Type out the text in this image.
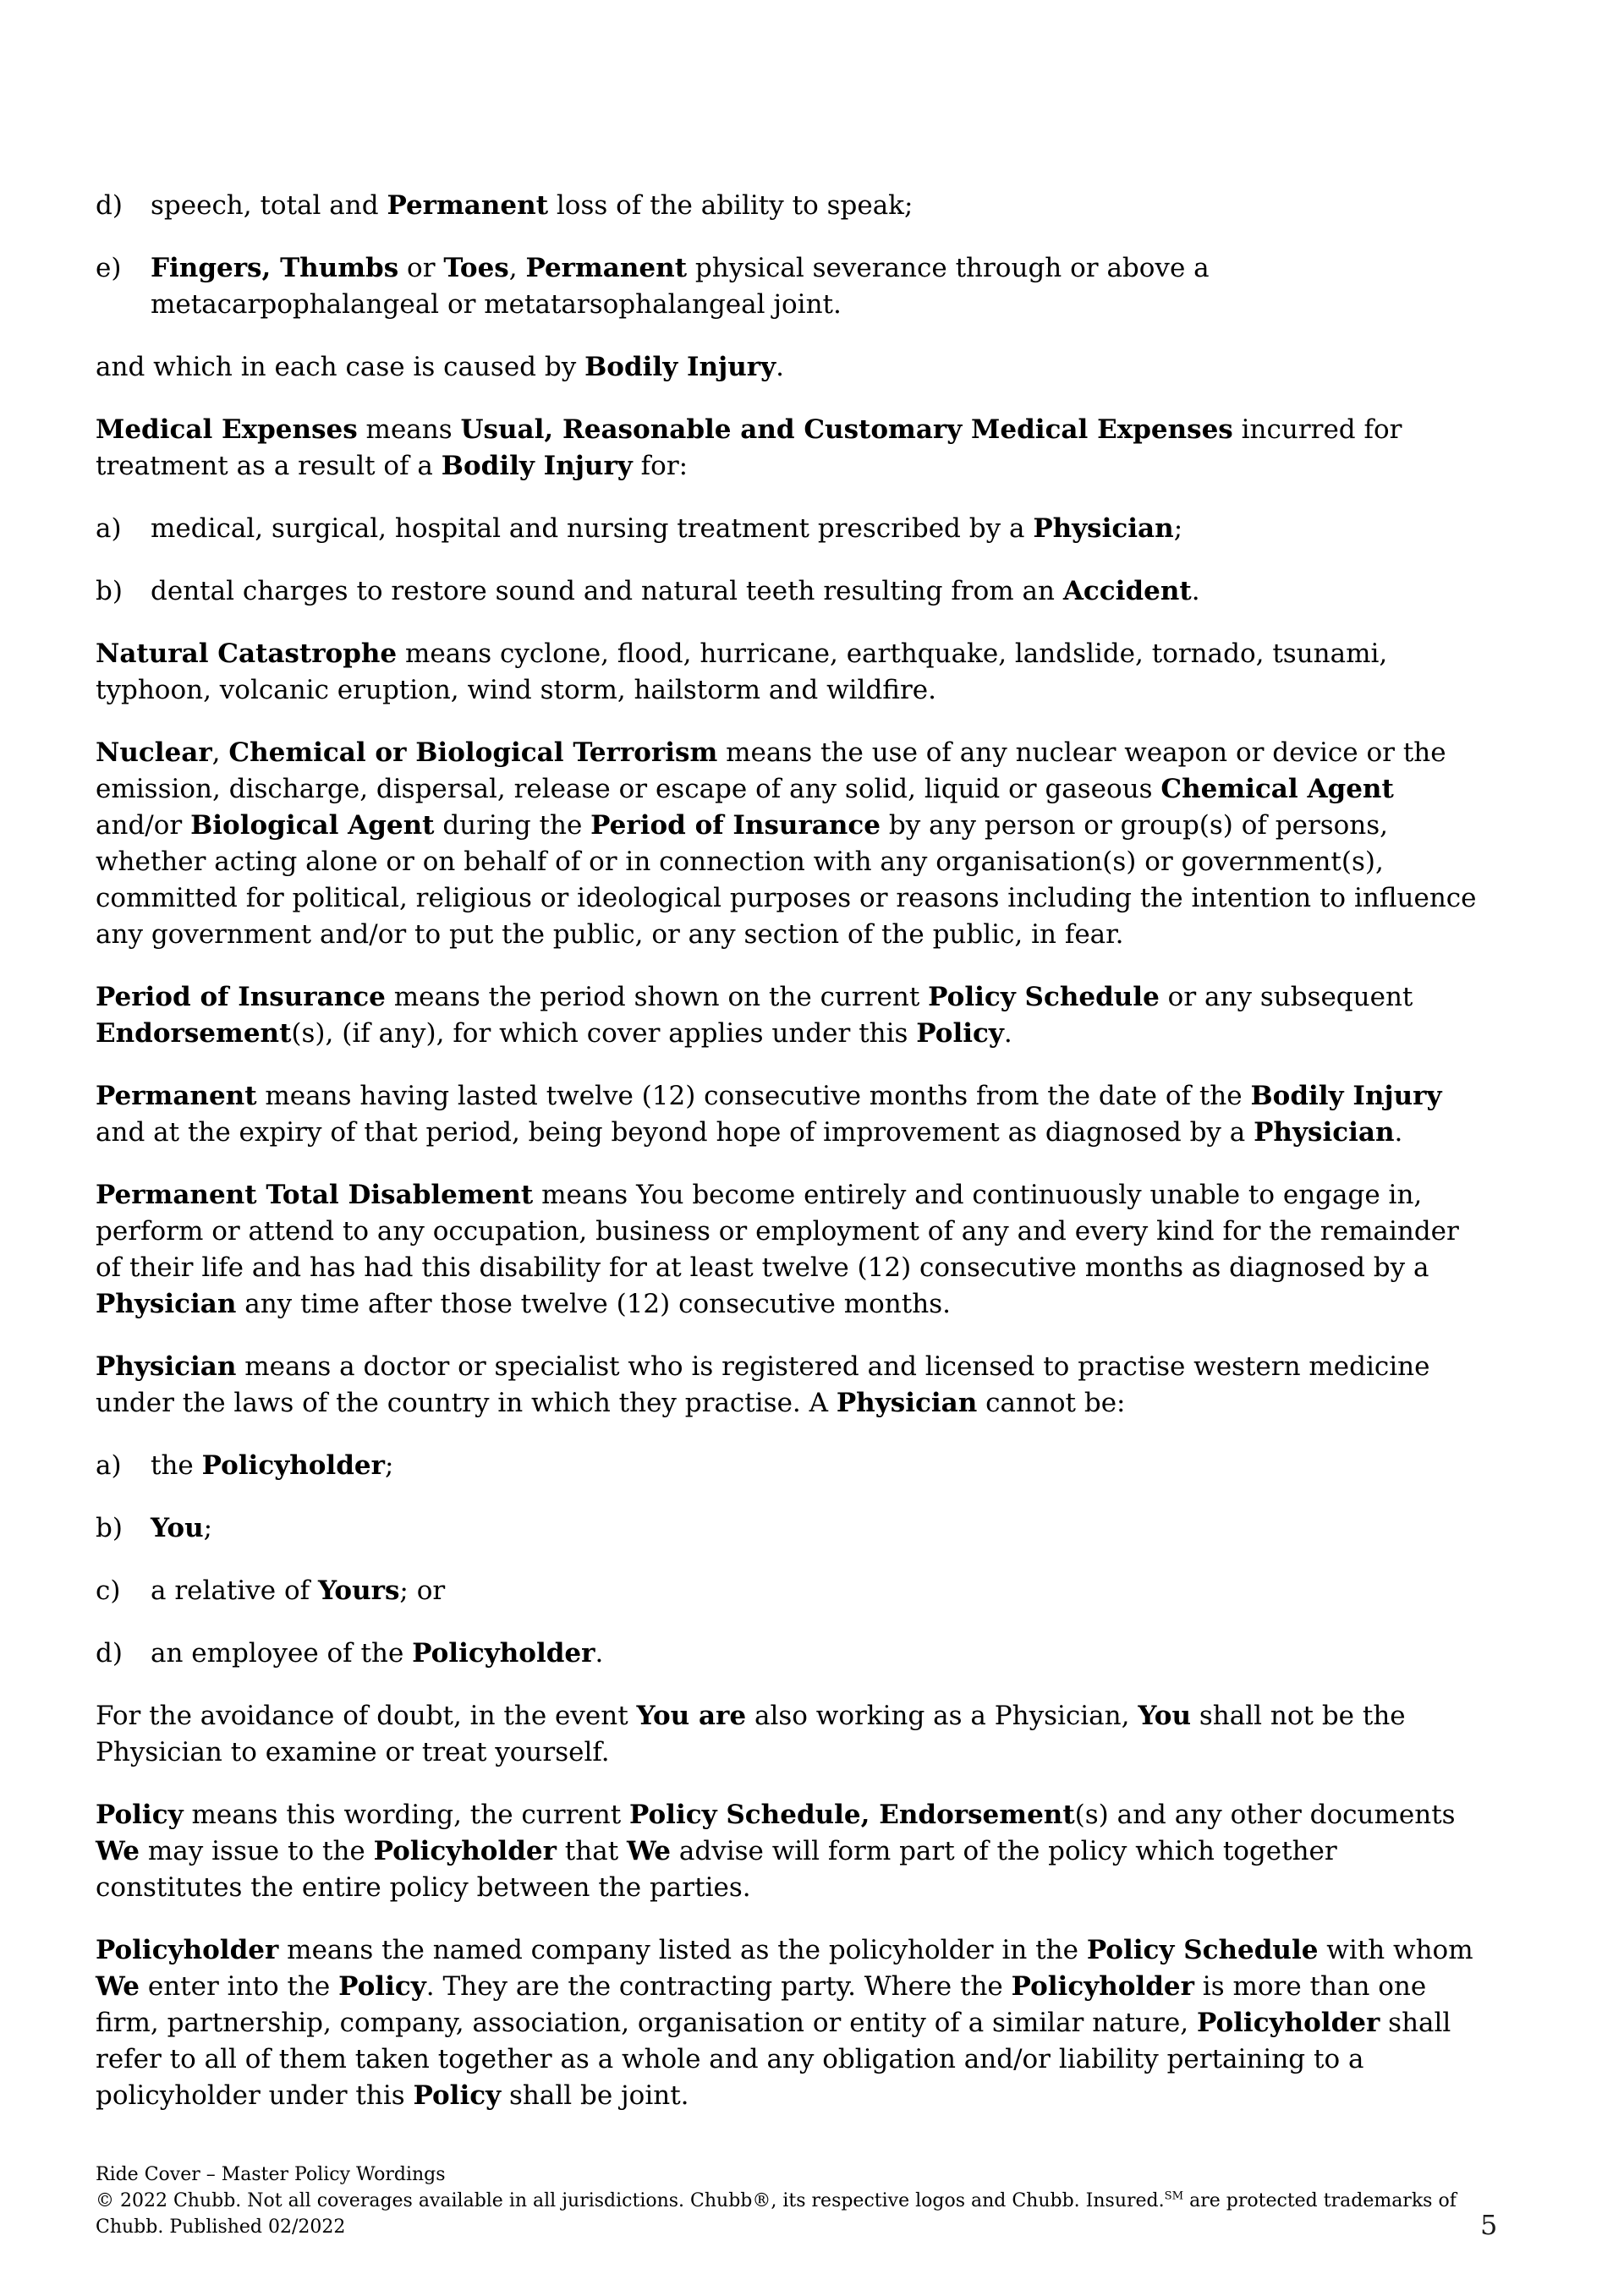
d) speech, total and Permanent loss of the ability to speak;
e) Fingers, Thumbs or Toes, Permanent physical severance through or above a metacarpophalangeal or metatarsophalangeal joint.
and which in each case is caused by Bodily Injury.
Medical Expenses means Usual, Reasonable and Customary Medical Expenses incurred for treatment as a result of a Bodily Injury for:
a) medical, surgical, hospital and nursing treatment prescribed by a Physician;
b) dental charges to restore sound and natural teeth resulting from an Accident.
Natural Catastrophe means cyclone, flood, hurricane, earthquake, landslide, tornado, tsunami, typhoon, volcanic eruption, wind storm, hailstorm and wildfire.
Nuclear, Chemical or Biological Terrorism means the use of any nuclear weapon or device or the emission, discharge, dispersal, release or escape of any solid, liquid or gaseous Chemical Agent and/or Biological Agent during the Period of Insurance by any person or group(s) of persons, whether acting alone or on behalf of or in connection with any organisation(s) or government(s), committed for political, religious or ideological purposes or reasons including the intention to influence any government and/or to put the public, or any section of the public, in fear.
Period of Insurance means the period shown on the current Policy Schedule or any subsequent Endorsement(s), (if any), for which cover applies under this Policy.
Permanent means having lasted twelve (12) consecutive months from the date of the Bodily Injury and at the expiry of that period, being beyond hope of improvement as diagnosed by a Physician.
Permanent Total Disablement means You become entirely and continuously unable to engage in, perform or attend to any occupation, business or employment of any and every kind for the remainder of their life and has had this disability for at least twelve (12) consecutive months as diagnosed by a Physician any time after those twelve (12) consecutive months.
Physician means a doctor or specialist who is registered and licensed to practise western medicine under the laws of the country in which they practise. A Physician cannot be:
a) the Policyholder;
b) You;
c) a relative of Yours; or
d) an employee of the Policyholder.
For the avoidance of doubt, in the event You are also working as a Physician, You shall not be the Physician to examine or treat yourself.
Policy means this wording, the current Policy Schedule, Endorsement(s) and any other documents We may issue to the Policyholder that We advise will form part of the policy which together constitutes the entire policy between the parties.
Policyholder means the named company listed as the policyholder in the Policy Schedule with whom We enter into the Policy. They are the contracting party. Where the Policyholder is more than one firm, partnership, company, association, organisation or entity of a similar nature, Policyholder shall refer to all of them taken together as a whole and any obligation and/or liability pertaining to a policyholder under this Policy shall be joint.
Ride Cover – Master Policy Wordings
© 2022 Chubb. Not all coverages available in all jurisdictions. Chubb®, its respective logos and Chubb. Insured.℠ are protected trademarks of
Chubb. Published 02/2022	5
